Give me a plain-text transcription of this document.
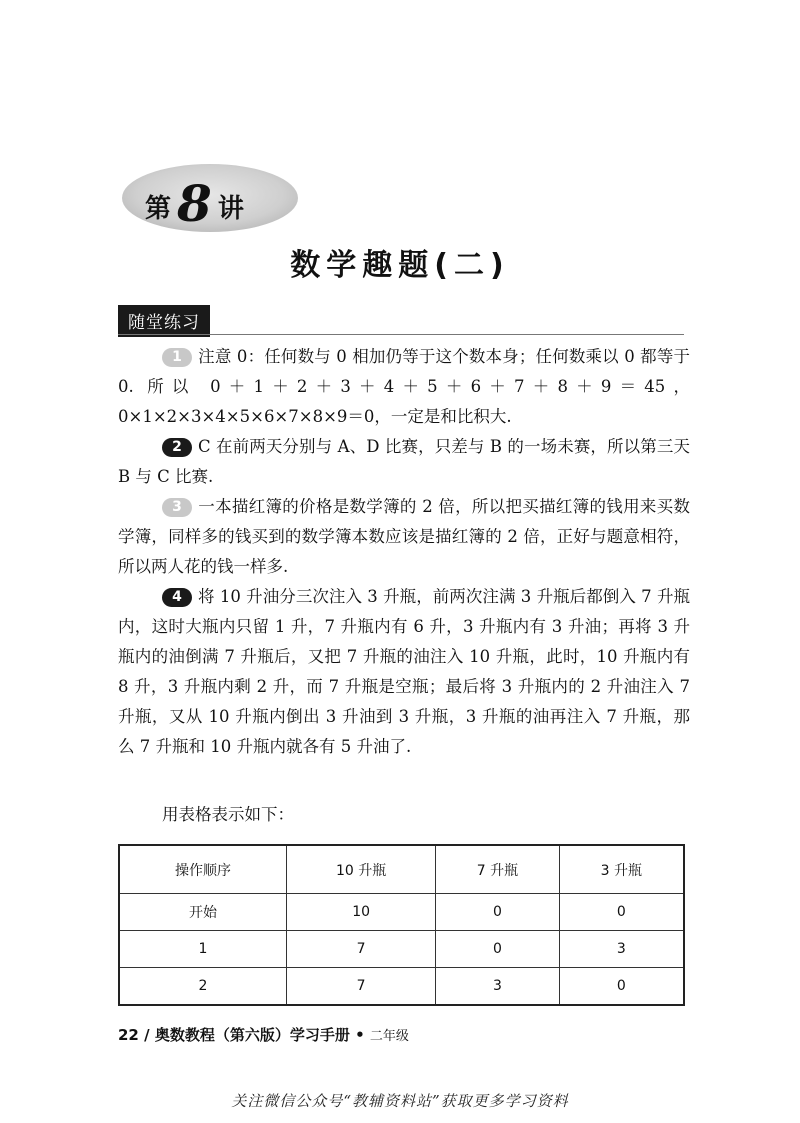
第 8 讲
数学趣题(二)
随堂练习
1 注意 0：任何数与 0 相加仍等于这个数本身；任何数乘以 0 都等于 0. 所以 0＋1＋2＋3＋4＋5＋6＋7＋8＋9＝45，0×1×2×3×4×5×6×7×8×9＝0，一定是和比积大.
2 C 在前两天分别与 A、D 比赛，只差与 B 的一场未赛，所以第三天 B 与 C 比赛.
3 一本描红簿的价格是数学簿的 2 倍，所以把买描红簿的钱用来买数学簿，同样多的钱买到的数学簿本数应该是描红簿的 2 倍，正好与题意相符，所以两人花的钱一样多.
4 将 10 升油分三次注入 3 升瓶，前两次注满 3 升瓶后都倒入 7 升瓶内，这时大瓶内只留 1 升，7 升瓶内有 6 升，3 升瓶内有 3 升油；再将 3 升瓶内的油倒满 7 升瓶后，又把 7 升瓶的油注入 10 升瓶，此时，10 升瓶内有 8 升，3 升瓶内剩 2 升，而 7 升瓶是空瓶；最后将 3 升瓶内的 2 升油注入 7 升瓶，又从 10 升瓶内倒出 3 升油到 3 升瓶，3 升瓶的油再注入 7 升瓶，那么 7 升瓶和 10 升瓶内就各有 5 升油了.
用表格表示如下：
操作顺序	10 升瓶	7 升瓶	3 升瓶
开始	10	0	0
1	7	0	3
2	7	3	0
22 / 奥数教程（第六版）学习手册 • 二年级
关注微信公众号“教辅资料站”获取更多学习资料
